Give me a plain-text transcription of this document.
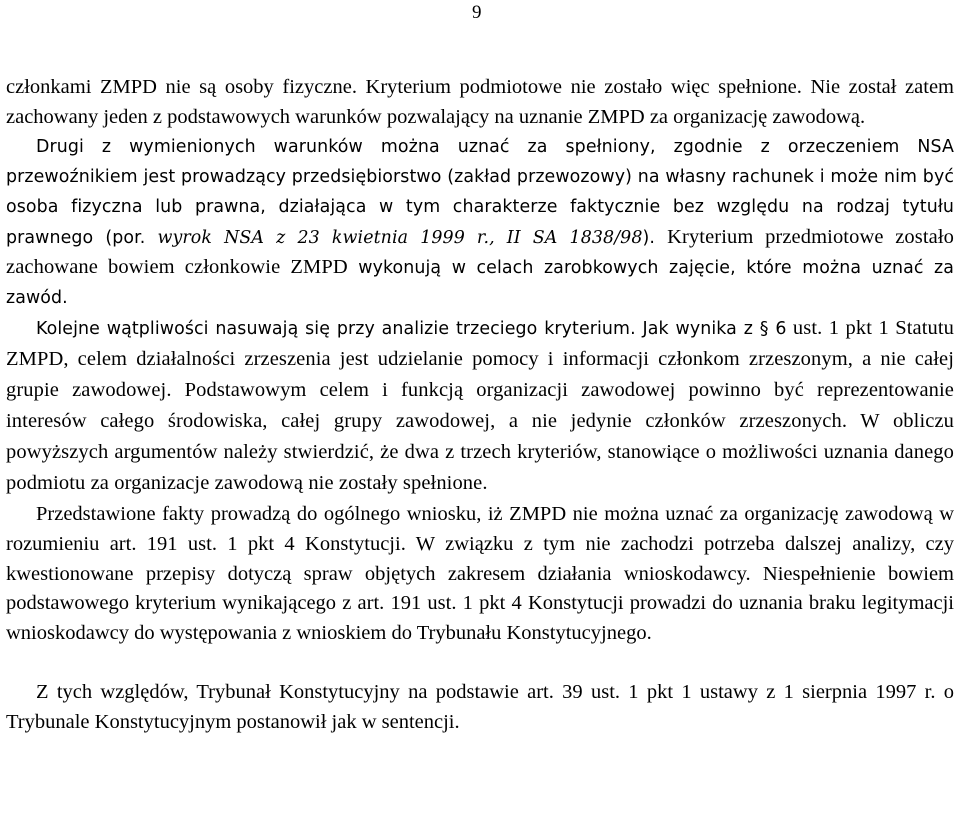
9

członkami ZMPD nie są osoby fizyczne. Kryterium podmiotowe nie zostało więc spełnione. Nie został zatem zachowany jeden z podstawowych warunków pozwalający na uznanie ZMPD za organizację zawodową.

Drugi z wymienionych warunków można uznać za spełniony, zgodnie z orzeczeniem NSA przewoźnikiem jest prowadzący przedsiębiorstwo (zakład przewozowy) na własny rachunek i może nim być osoba fizyczna lub prawna, działająca w tym charakterze faktycznie bez względu na rodzaj tytułu prawnego (por. wyrok NSA z 23 kwietnia 1999 r., II SA 1838/98). Kryterium przedmiotowe zostało zachowane bowiem członkowie ZMPD wykonują w celach zarobkowych zajęcie, które można uznać za zawód.

Kolejne wątpliwości nasuwają się przy analizie trzeciego kryterium. Jak wynika z § 6 ust. 1 pkt 1 Statutu ZMPD, celem działalności zrzeszenia jest udzielanie pomocy i informacji członkom zrzeszonym, a nie całej grupie zawodowej. Podstawowym celem i funkcją organizacji zawodowej powinno być reprezentowanie interesów całego środowiska, całej grupy zawodowej, a nie jedynie członków zrzeszonych. W obliczu powyższych argumentów należy stwierdzić, że dwa z trzech kryteriów, stanowiące o możliwości uznania danego podmiotu za organizacje zawodową nie zostały spełnione.

Przedstawione fakty prowadzą do ogólnego wniosku, iż ZMPD nie można uznać za organizację zawodową w rozumieniu art. 191 ust. 1 pkt 4 Konstytucji. W związku z tym nie zachodzi potrzeba dalszej analizy, czy kwestionowane przepisy dotyczą spraw objętych zakresem działania wnioskodawcy. Niespełnienie bowiem podstawowego kryterium wynikającego z art. 191 ust. 1 pkt 4 Konstytucji prowadzi do uznania braku legitymacji wnioskodawcy do występowania z wnioskiem do Trybunału Konstytucyjnego.

Z tych względów, Trybunał Konstytucyjny na podstawie art. 39 ust. 1 pkt 1 ustawy z 1 sierpnia 1997 r. o Trybunale Konstytucyjnym postanowił jak w sentencji.
